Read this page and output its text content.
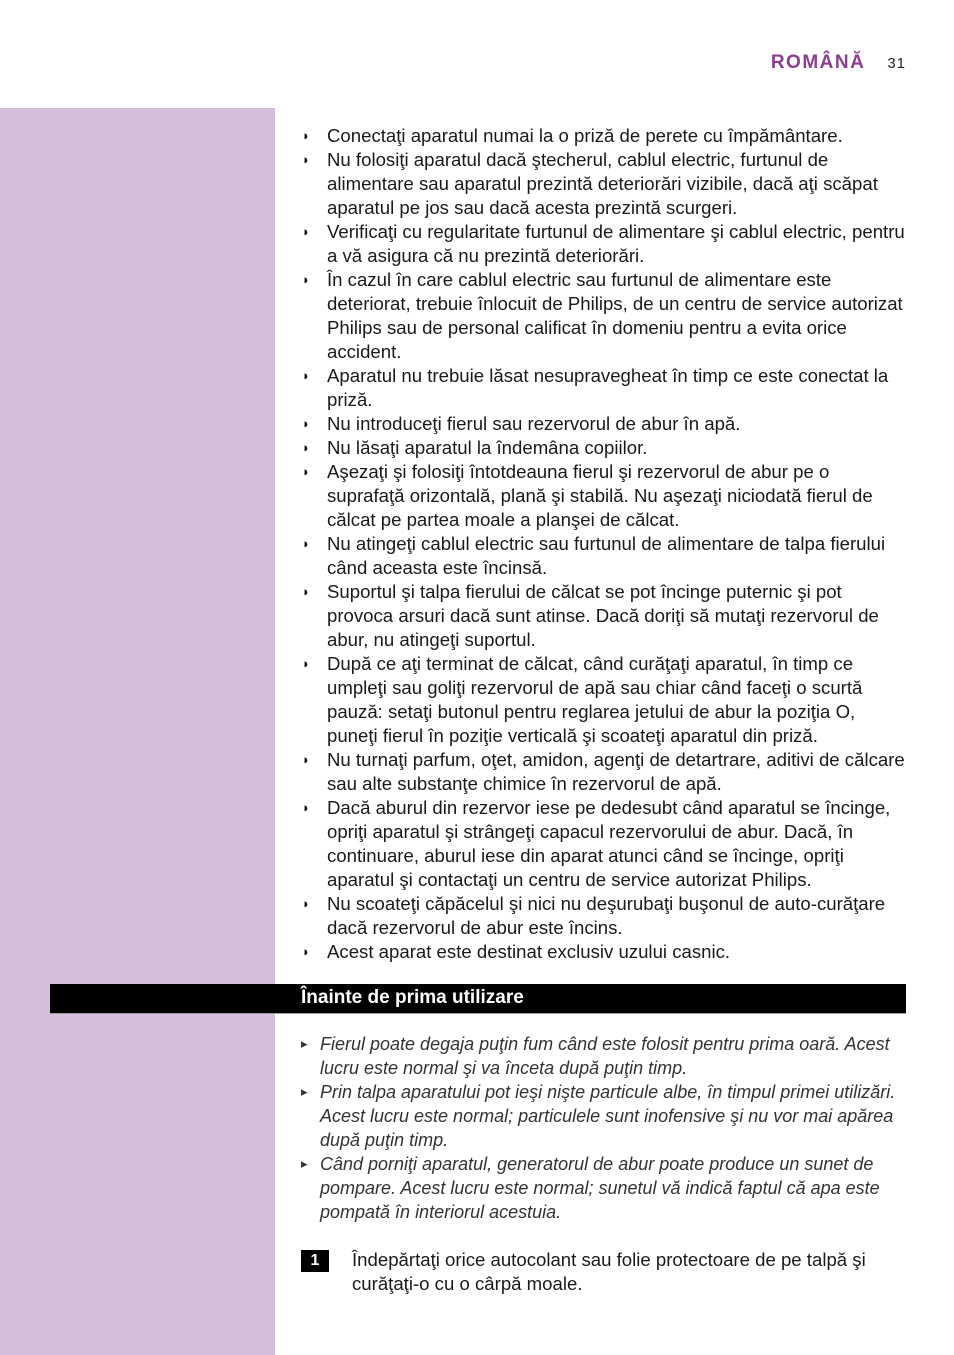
ROMÂNĂ 31
◗ Conectaţi aparatul numai la o priză de perete cu împământare.
◗ Nu folosiţi aparatul dacă ştecherul, cablul electric, furtunul de alimentare sau aparatul prezintă deteriorări vizibile, dacă aţi scăpat aparatul pe jos sau dacă acesta prezintă scurgeri.
◗ Verificaţi cu regularitate furtunul de alimentare şi cablul electric, pentru a vă asigura că nu prezintă deteriorări.
◗ În cazul în care cablul electric sau furtunul de alimentare este deteriorat, trebuie înlocuit de Philips, de un centru de service autorizat Philips sau de personal calificat în domeniu pentru a evita orice accident.
◗ Aparatul nu trebuie lăsat nesupravegheat în timp ce este conectat la priză.
◗ Nu introduceţi fierul sau rezervorul de abur în apă.
◗ Nu lăsaţi aparatul la îndemâna copiilor.
◗ Aşezaţi şi folosiţi întotdeauna fierul şi rezervorul de abur pe o suprafaţă orizontală, plană şi stabilă. Nu aşezaţi niciodată fierul de călcat pe partea moale a planşei de călcat.
◗ Nu atingeţi cablul electric sau furtunul de alimentare de talpa fierului când aceasta este încinsă.
◗ Suportul şi talpa fierului de călcat se pot încinge puternic şi pot provoca arsuri dacă sunt atinse. Dacă doriţi să mutaţi rezervorul de abur, nu atingeţi suportul.
◗ După ce aţi terminat de călcat, când curăţaţi aparatul, în timp ce umpleţi sau goliţi rezervorul de apă sau chiar când faceţi o scurtă pauză: setaţi butonul pentru reglarea jetului de abur la poziţia O, puneţi fierul în poziţie verticală şi scoateţi aparatul din priză.
◗ Nu turnaţi parfum, oţet, amidon, agenţi de detartrare, aditivi de călcare sau alte substanţe chimice în rezervorul de apă.
◗ Dacă aburul din rezervor iese pe dedesubt când aparatul se încinge, opriţi aparatul şi strângeţi capacul rezervorului de abur. Dacă, în continuare, aburul iese din aparat atunci când se încinge, opriţi aparatul şi contactaţi un centru de service autorizat Philips.
◗ Nu scoateţi căpăcelul şi nici nu deşurubaţi buşonul de auto-curăţare dacă rezervorul de abur este încins.
◗ Acest aparat este destinat exclusiv uzului casnic.
Înainte de prima utilizare
▸ Fierul poate degaja puţin fum când este folosit pentru prima oară. Acest lucru este normal şi va înceta după puţin timp.
▸ Prin talpa aparatului pot ieşi nişte particule albe, în timpul primei utilizări. Acest lucru este normal; particulele sunt inofensive şi nu vor mai apărea după puţin timp.
▸ Când porniţi aparatul, generatorul de abur poate produce un sunet de pompare. Acest lucru este normal; sunetul vă indică faptul că apa este pompată în interiorul acestuia.
1	Îndepărtaţi orice autocolant sau folie protectoare de pe talpă şi curăţaţi-o cu o cârpă moale.
